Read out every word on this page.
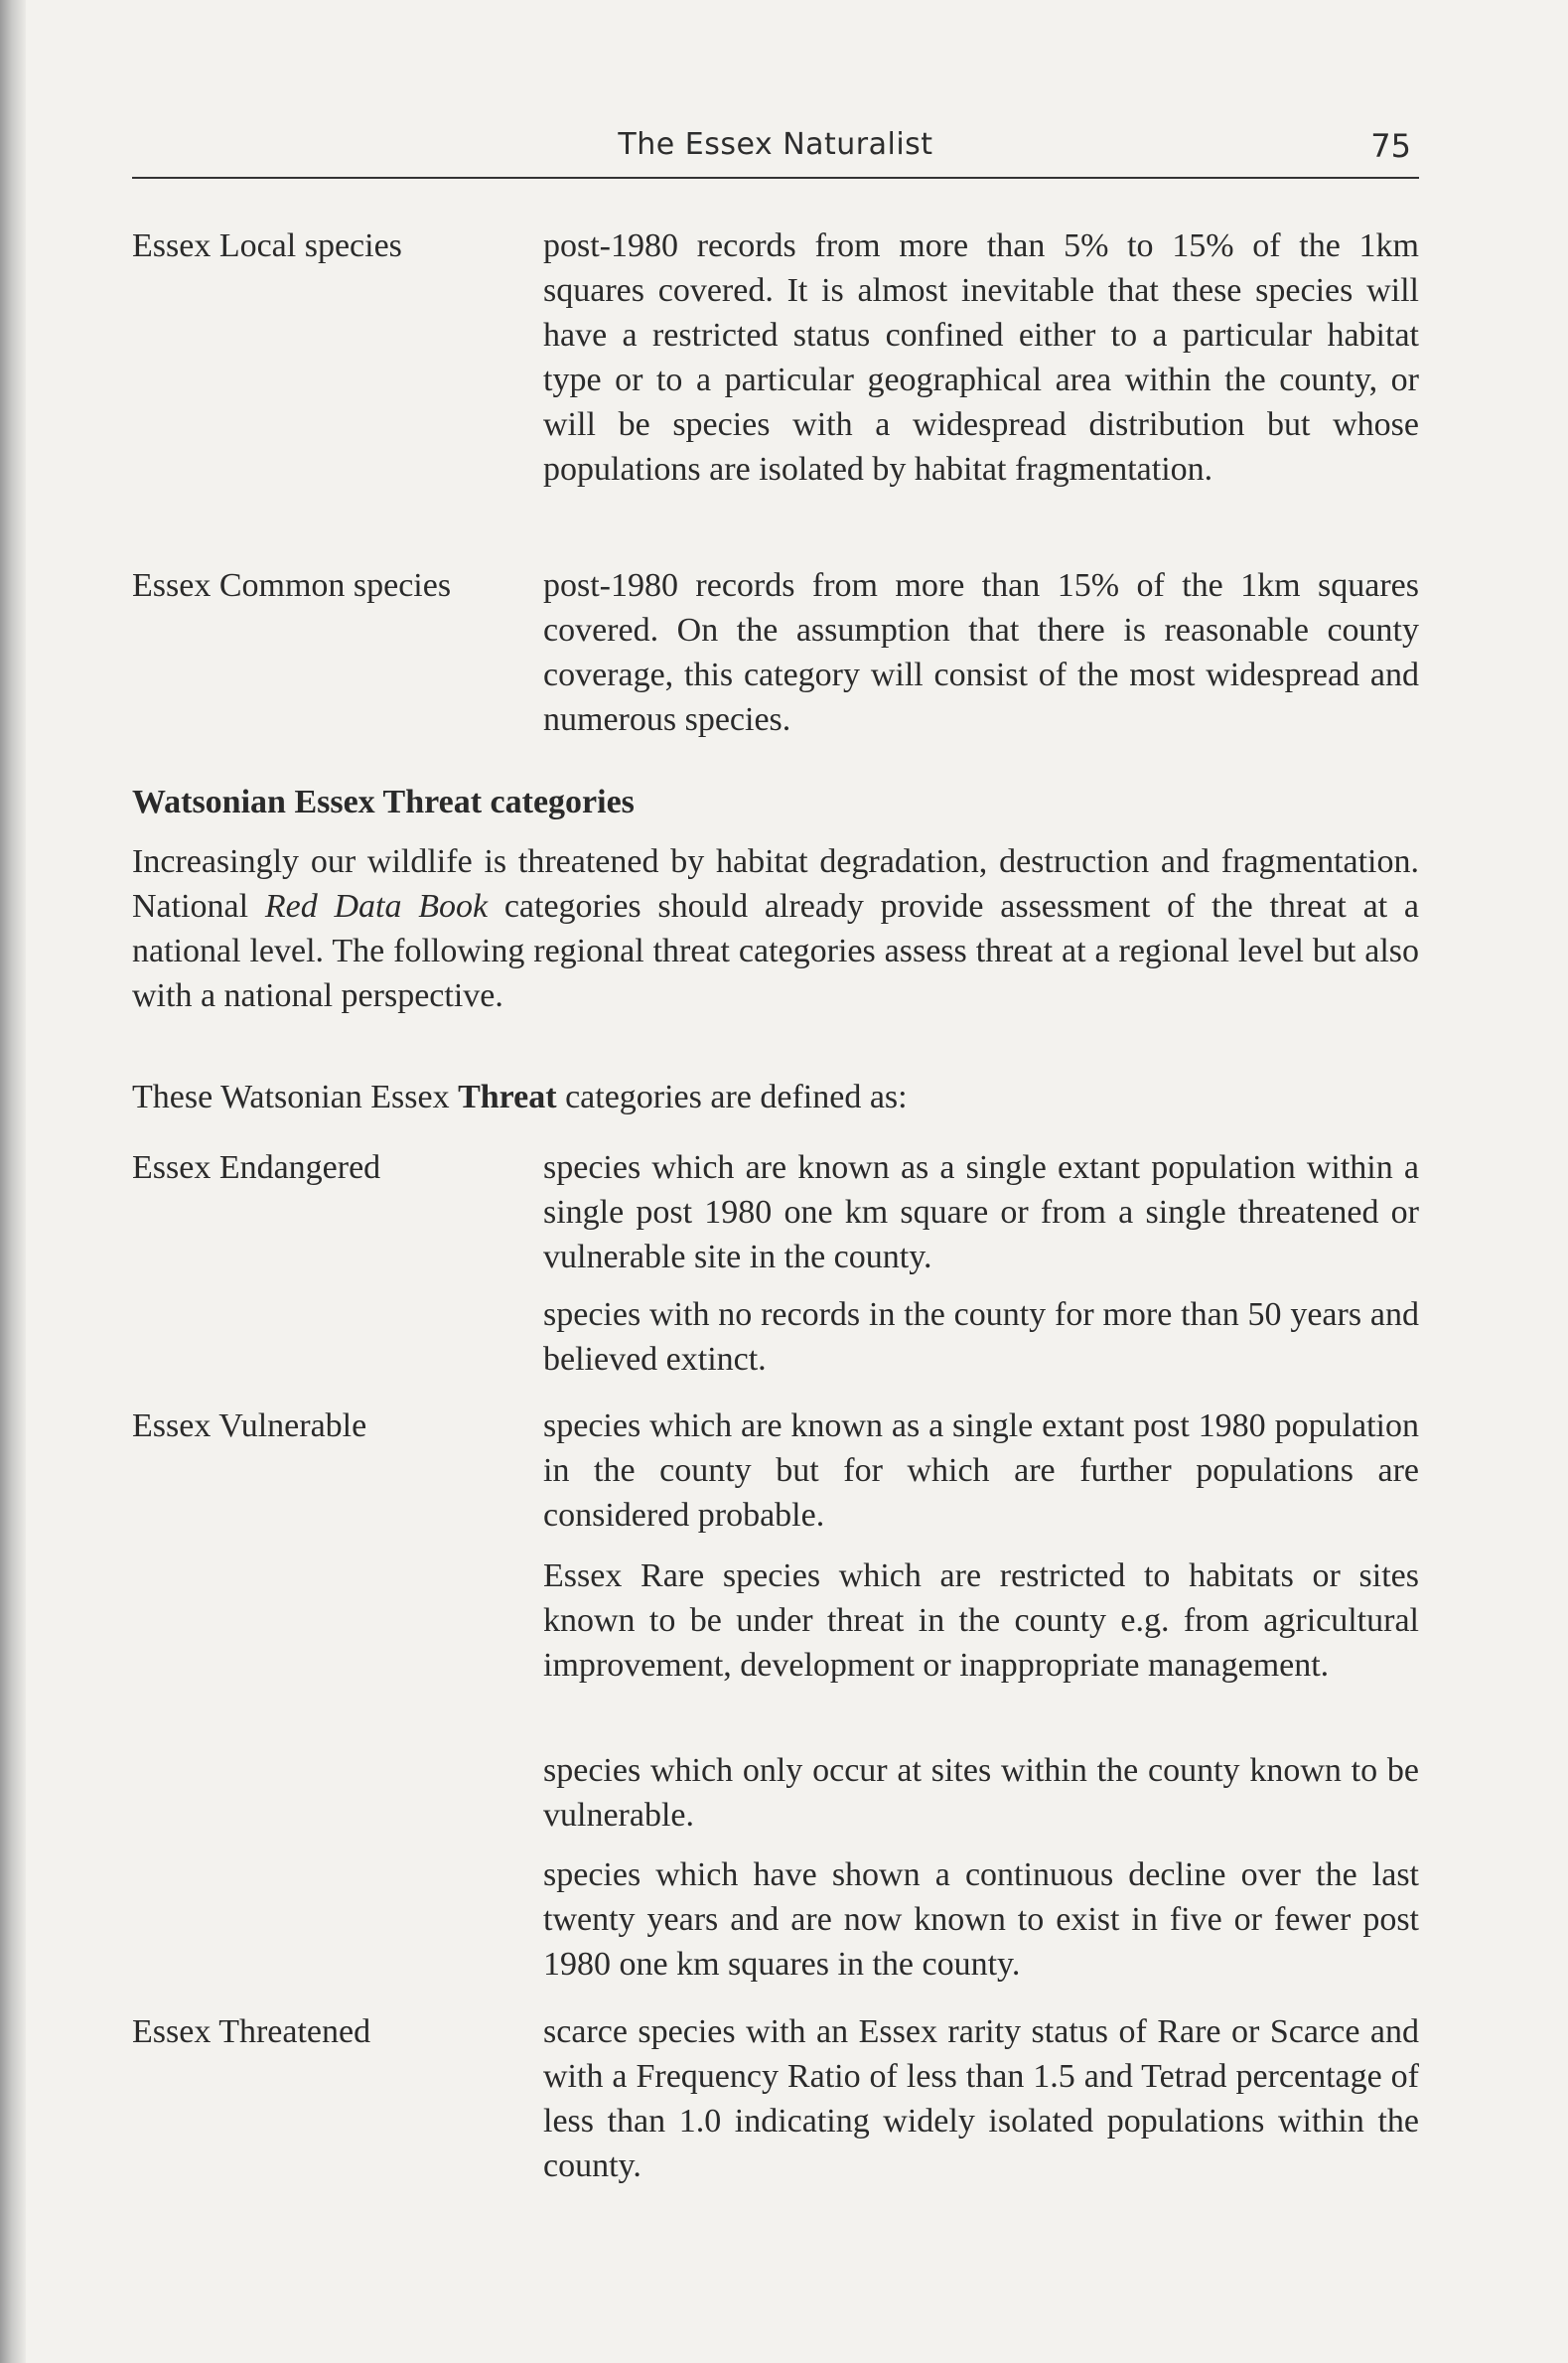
The Essex Naturalist	75
Essex Local species	post-1980 records from more than 5% to 15% of the 1km squares covered. It is almost inevitable that these species will have a restricted status confined either to a particular habitat type or to a particular geographical area within the county, or will be species with a widespread distribution but whose populations are isolated by habitat fragmentation.
Essex Common species	post-1980 records from more than 15% of the 1km squares covered. On the assumption that there is reasonable county coverage, this category will consist of the most widespread and numerous species.
Watsonian Essex Threat categories
Increasingly our wildlife is threatened by habitat degradation, destruction and fragmentation. National Red Data Book categories should already provide assessment of the threat at a national level. The following regional threat categories assess threat at a regional level but also with a national perspective.
These Watsonian Essex Threat categories are defined as:
Essex Endangered	species which are known as a single extant population within a single post 1980 one km square or from a single threatened or vulnerable site in the county.
species with no records in the county for more than 50 years and believed extinct.
Essex Vulnerable	species which are known as a single extant post 1980 population in the county but for which are further populations are considered probable.
Essex Rare species which are restricted to habitats or sites known to be under threat in the county e.g. from agricultural improvement, development or inappropriate management.
species which only occur at sites within the county known to be vulnerable.
species which have shown a continuous decline over the last twenty years and are now known to exist in five or fewer post 1980 one km squares in the county.
Essex Threatened	scarce species with an Essex rarity status of Rare or Scarce and with a Frequency Ratio of less than 1.5 and Tetrad percentage of less than 1.0 indicating widely isolated populations within the county.
